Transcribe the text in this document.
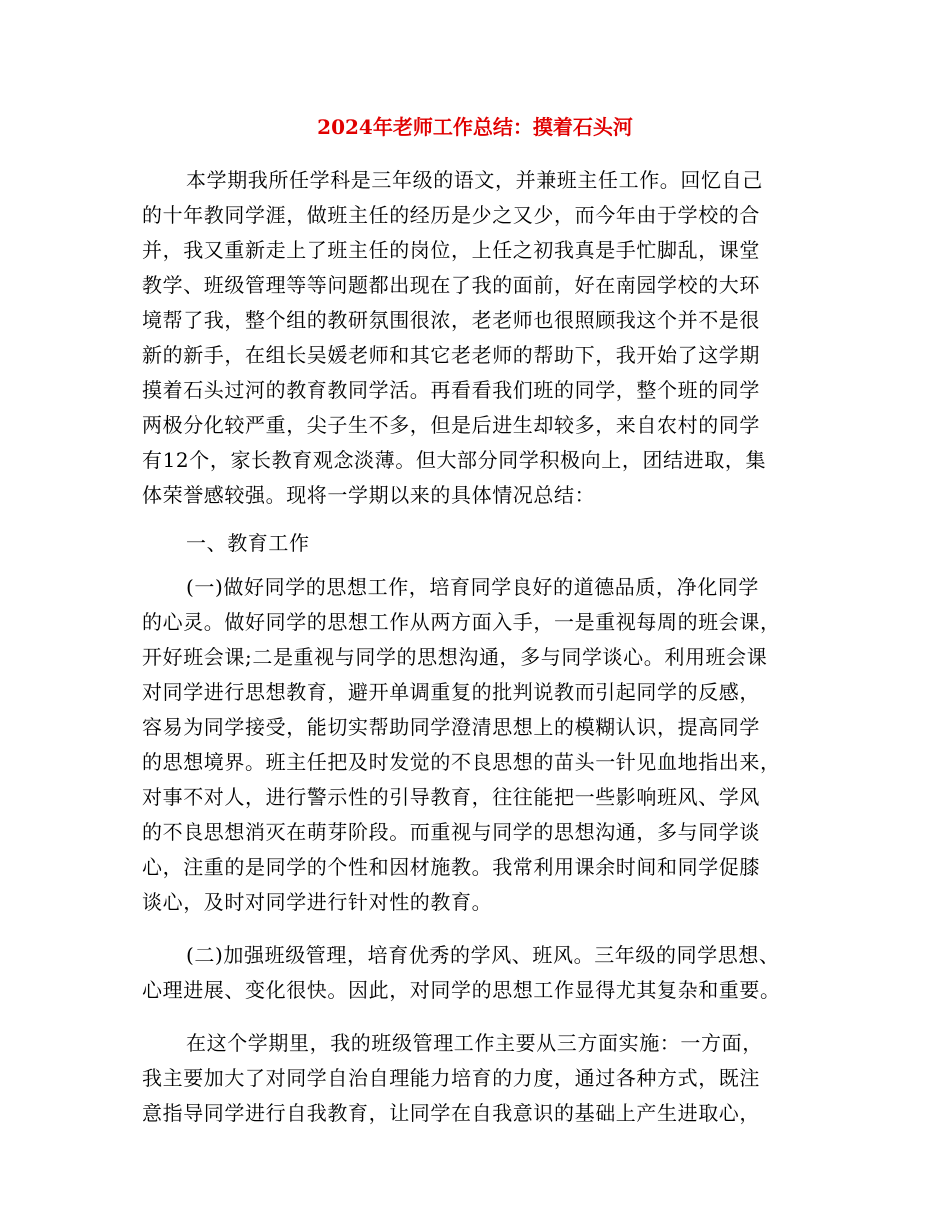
2024年老师工作总结：摸着石头河
本学期我所任学科是三年级的语文，并兼班主任工作。回忆自己
的十年教同学涯，做班主任的经历是少之又少，而今年由于学校的合
并，我又重新走上了班主任的岗位，上任之初我真是手忙脚乱，课堂
教学、班级管理等等问题都出现在了我的面前，好在南园学校的大环
境帮了我，整个组的教研氛围很浓，老老师也很照顾我这个并不是很
新的新手，在组长吴媛老师和其它老老师的帮助下，我开始了这学期
摸着石头过河的教育教同学活。再看看我们班的同学，整个班的同学
两极分化较严重，尖子生不多，但是后进生却较多，来自农村的同学
有12个，家长教育观念淡薄。但大部分同学积极向上，团结进取，集
体荣誉感较强。现将一学期以来的具体情况总结：
一、教育工作
(一)做好同学的思想工作，培育同学良好的道德品质，净化同学
的心灵。做好同学的思想工作从两方面入手，一是重视每周的班会课，
开好班会课;二是重视与同学的思想沟通，多与同学谈心。利用班会课
对同学进行思想教育，避开单调重复的批判说教而引起同学的反感，
容易为同学接受，能切实帮助同学澄清思想上的模糊认识，提高同学
的思想境界。班主任把及时发觉的不良思想的苗头一针见血地指出来，
对事不对人，进行警示性的引导教育，往往能把一些影响班风、学风
的不良思想消灭在萌芽阶段。而重视与同学的思想沟通，多与同学谈
心，注重的是同学的个性和因材施教。我常利用课余时间和同学促膝
谈心，及时对同学进行针对性的教育。
(二)加强班级管理，培育优秀的学风、班风。三年级的同学思想、
心理进展、变化很快。因此，对同学的思想工作显得尤其复杂和重要。
在这个学期里，我的班级管理工作主要从三方面实施：一方面，
我主要加大了对同学自治自理能力培育的力度，通过各种方式，既注
意指导同学进行自我教育，让同学在自我意识的基础上产生进取心，
